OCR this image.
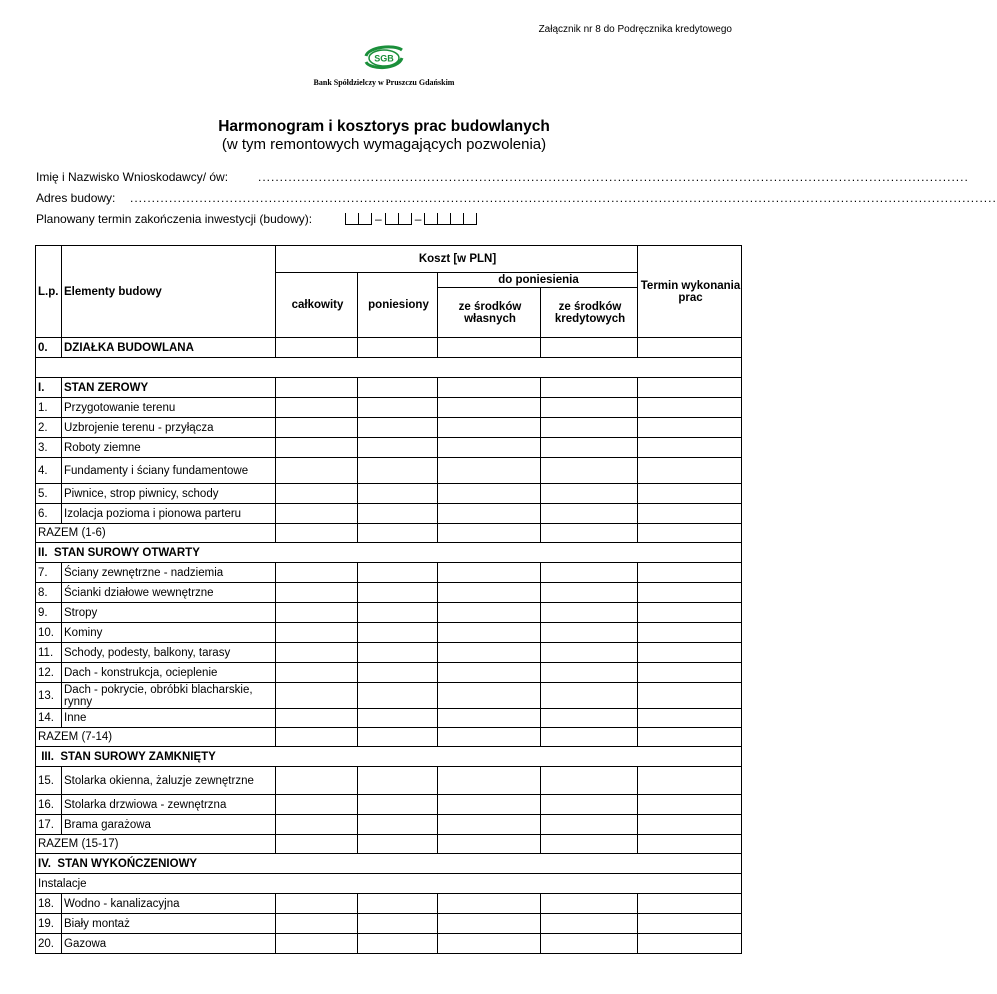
Załącznik nr 8 do Podręcznika kredytowego
SGB
Bank Spółdzielczy w Pruszczu Gdańskim
Harmonogram i kosztorys prac budowlanych
(w tym remontowych wymagających pozwolenia)
Imię i Nazwisko Wnioskodawcy/ ów: ....................................................................................................................................................................
Adres budowy: ........................................................................................................................................................................................................
Planowany termin zakończenia inwestycji (budowy):	–	–
L.p.	Elementy budowy	Koszt [w PLN]				Termin wykonania prac
		całkowity	poniesiony	do poniesienia		
				ze środków własnych	ze środków kredytowych	
0.	DZIAŁKA BUDOWLANA					

I.	STAN ZEROWY					
1.	Przygotowanie terenu					
2.	Uzbrojenie terenu - przyłącza					
3.	Roboty ziemne					
4.	Fundamenty i ściany fundamentowe					
5.	Piwnice, strop piwnicy, schody					
6.	Izolacja pozioma i pionowa parteru					
RAZEM (1-6)						
II. STAN SUROWY OTWARTY						
7.	Ściany zewnętrzne - nadziemia					
8.	Ścianki działowe wewnętrzne					
9.	Stropy					
10.	Kominy					
11.	Schody, podesty, balkony, tarasy					
12.	Dach - konstrukcja, ocieplenie					
13.	Dach - pokrycie, obróbki blacharskie, rynny					
14.	Inne					
RAZEM (7-14)						
III. STAN SUROWY ZAMKNIĘTY						
15.	Stolarka okienna, żaluzje zewnętrzne					
16.	Stolarka drzwiowa - zewnętrzna					
17.	Brama garażowa					
RAZEM (15-17)						
IV. STAN WYKOŃCZENIOWY						
Instalacje						
18.	Wodno - kanalizacyjna					
19.	Biały montaż					
20.	Gazowa					
